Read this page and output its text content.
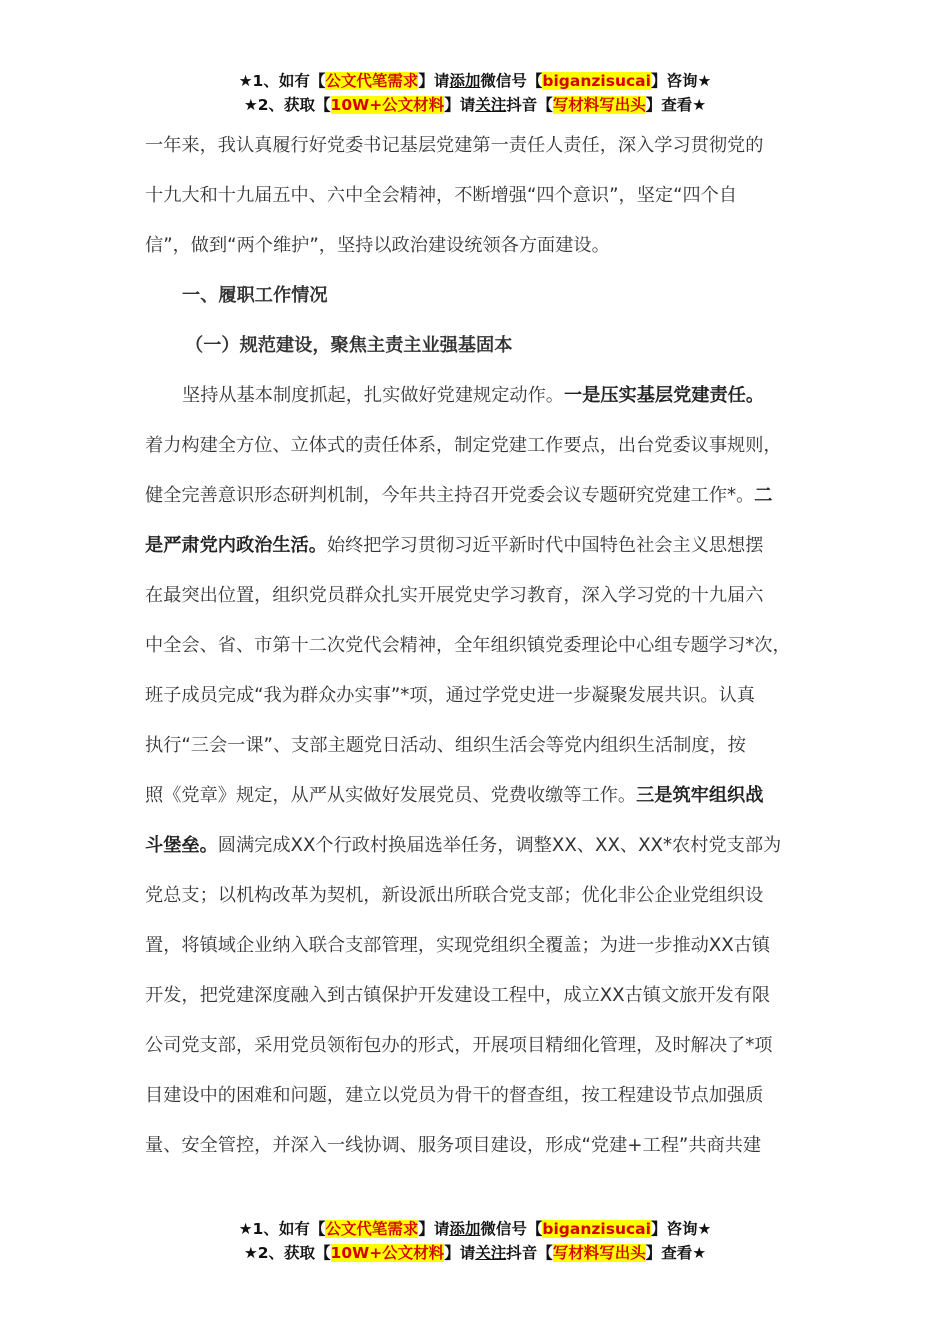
★1、如有【公文代笔需求】请添加微信号【biganzisucai】咨询★
★2、获取【10W+公文材料】请关注抖音【写材料写出头】查看★
一年来，我认真履行好党委书记基层党建第一责任人责任，深入学习贯彻党的
十九大和十九届五中、六中全会精神，不断增强“四个意识”，坚定“四个自
信”，做到“两个维护”，坚持以政治建设统领各方面建设。
一、履职工作情况
（一）规范建设，聚焦主责主业强基固本
坚持从基本制度抓起，扎实做好党建规定动作。一是压实基层党建责任。
着力构建全方位、立体式的责任体系，制定党建工作要点，出台党委议事规则，
健全完善意识形态研判机制，今年共主持召开党委会议专题研究党建工作*。二
是严肃党内政治生活。始终把学习贯彻习近平新时代中国特色社会主义思想摆
在最突出位置，组织党员群众扎实开展党史学习教育，深入学习党的十九届六
中全会、省、市第十二次党代会精神，全年组织镇党委理论中心组专题学习*次，
班子成员完成“我为群众办实事”*项，通过学党史进一步凝聚发展共识。认真
执行“三会一课”、支部主题党日活动、组织生活会等党内组织生活制度，按
照《党章》规定，从严从实做好发展党员、党费收缴等工作。三是筑牢组织战
斗堡垒。圆满完成XX个行政村换届选举任务，调整XX、XX、XX*农村党支部为
党总支；以机构改革为契机，新设派出所联合党支部；优化非公企业党组织设
置，将镇域企业纳入联合支部管理，实现党组织全覆盖；为进一步推动XX古镇
开发，把党建深度融入到古镇保护开发建设工程中，成立XX古镇文旅开发有限
公司党支部，采用党员领衔包办的形式，开展项目精细化管理，及时解决了*项
目建设中的困难和问题，建立以党员为骨干的督查组，按工程建设节点加强质
量、安全管控，并深入一线协调、服务项目建设，形成“党建+工程”共商共建
★1、如有【公文代笔需求】请添加微信号【biganzisucai】咨询★
★2、获取【10W+公文材料】请关注抖音【写材料写出头】查看★
